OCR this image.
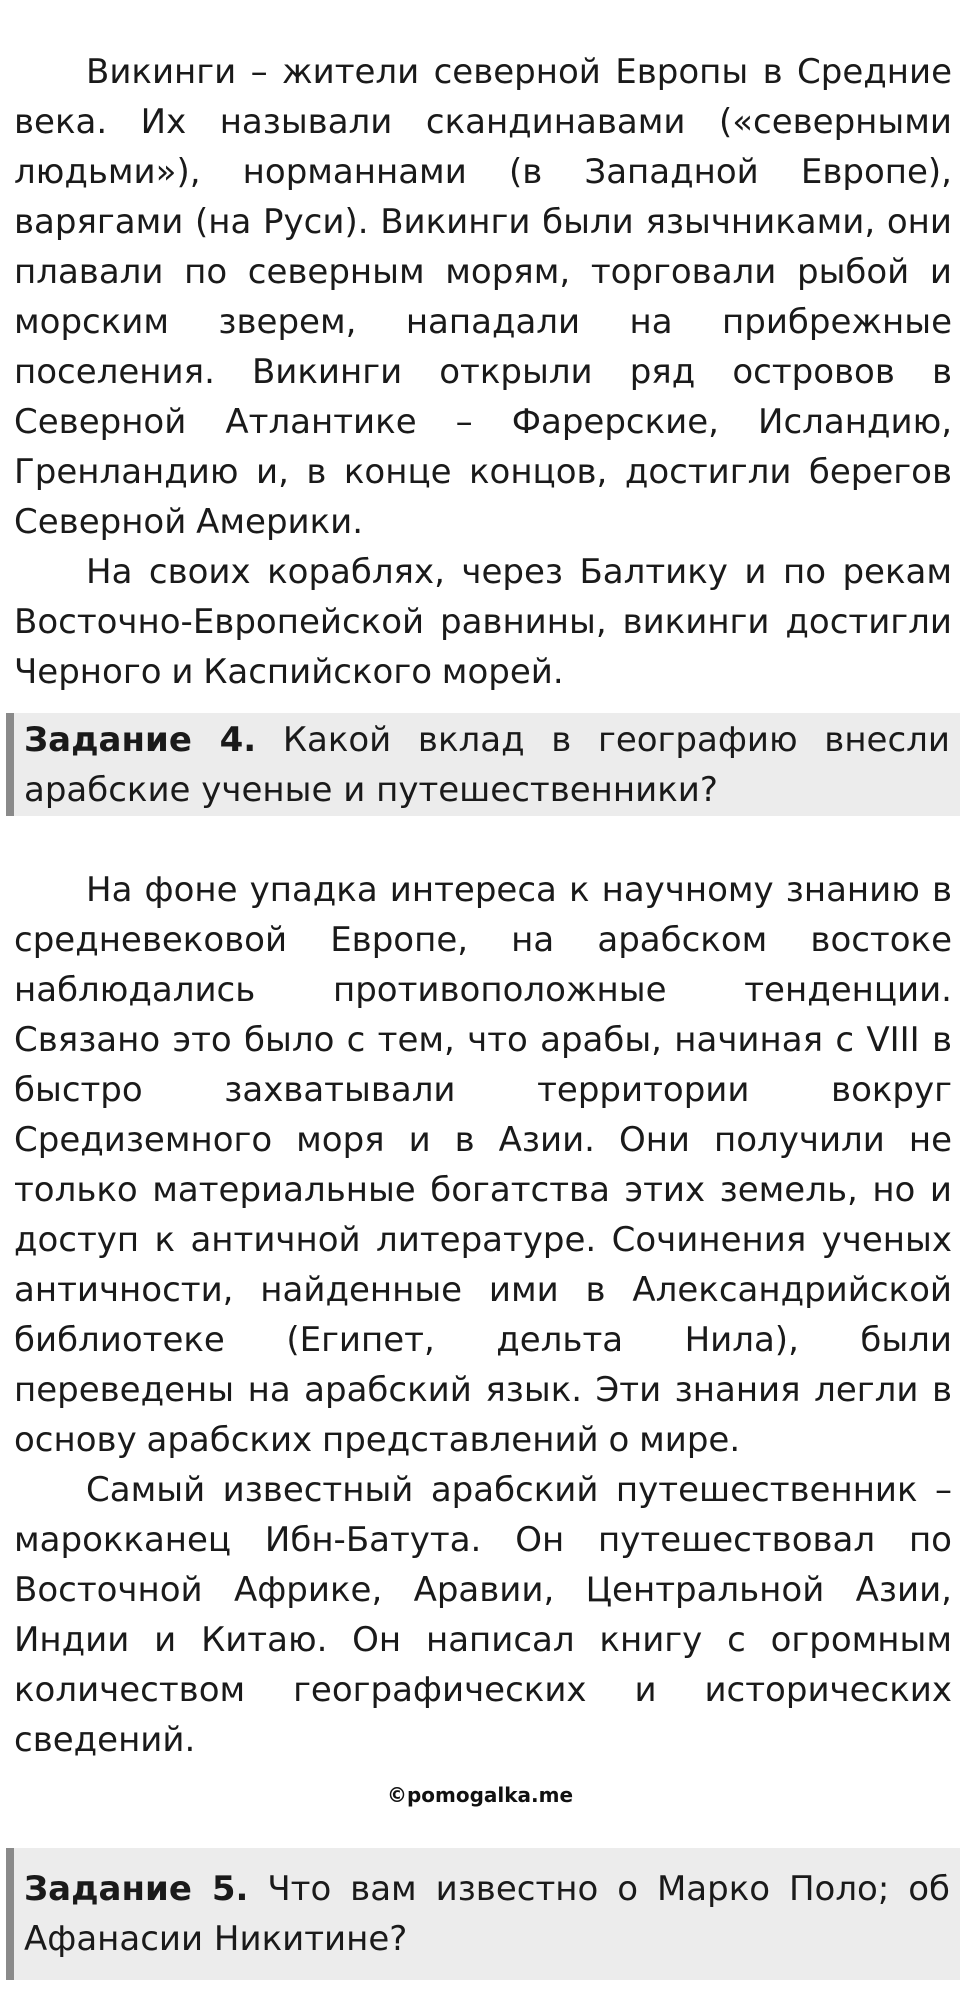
Викинги – жители северной Европы в Средние века. Их называли скандинавами («северными людьми»), норманнами (в Западной Европе), варягами (на Руси). Викинги были язычниками, они плавали по северным морям, торговали рыбой и морским зверем, нападали на прибрежные поселения. Викинги открыли ряд островов в Северной Атлантике – Фарерские, Исландию, Гренландию и, в конце концов, достигли берегов Северной Америки.

На своих кораблях, через Балтику и по рекам Восточно-Европейской равнины, викинги достигли Черного и Каспийского морей.

Задание 4. Какой вклад в географию внесли арабские ученые и путешественники?

На фоне упадка интереса к научному знанию в средневековой Европе, на арабском востоке наблюдались противоположные тенденции. Связано это было с тем, что арабы, начиная с VIII в быстро захватывали территории вокруг Средиземного моря и в Азии. Они получили не только материальные богатства этих земель, но и доступ к античной литературе. Сочинения ученых античности, найденные ими в Александрийской библиотеке (Египет, дельта Нила), были переведены на арабский язык. Эти знания легли в основу арабских представлений о мире.

Самый известный арабский путешественник – марокканец Ибн-Батута. Он путешествовал по Восточной Африке, Аравии, Центральной Азии, Индии и Китаю. Он написал книгу с огромным количеством географических и исторических сведений.

©pomogalka.me
Задание 5. Что вам известно о Марко Поло; об Афанасии Никитине?
